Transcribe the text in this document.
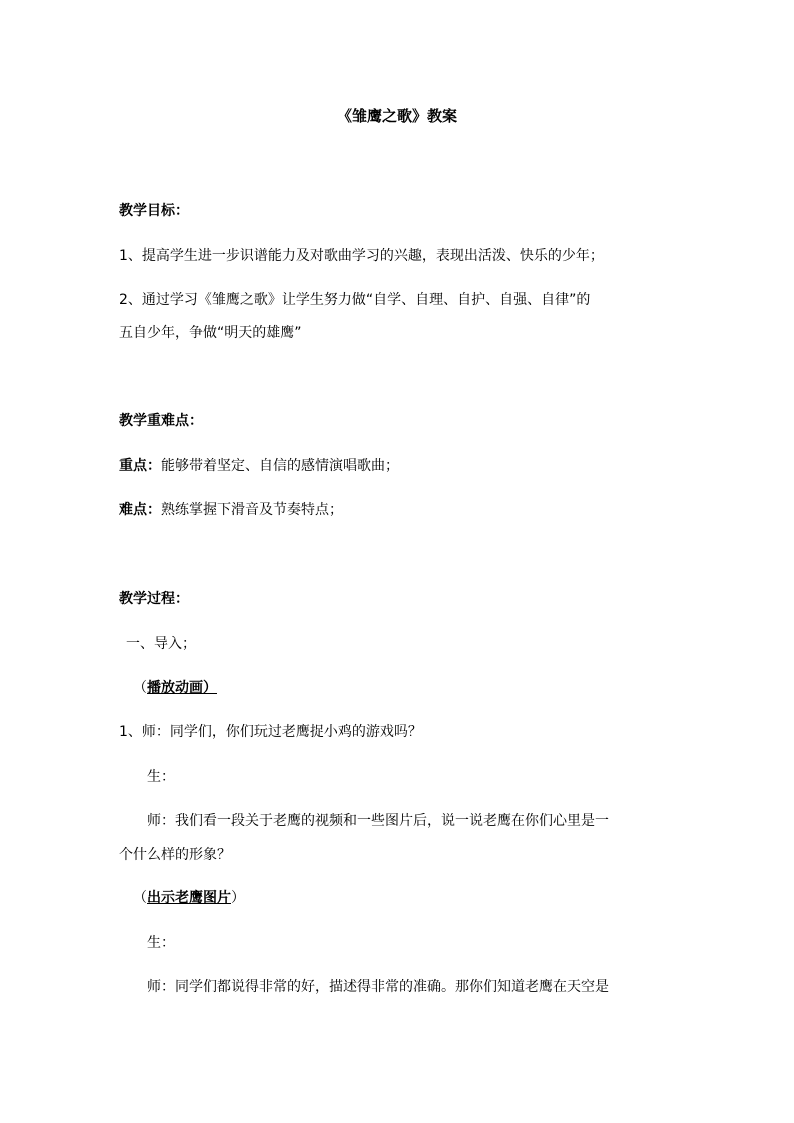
《雏鹰之歌》教案

教学目标：

1、提高学生进一步识谱能力及对歌曲学习的兴趣，表现出活泼、快乐的少年；

2、通过学习《雏鹰之歌》让学生努力做“自学、自理、自护、自强、自律”的

五自少年，争做“明天的雄鹰”

教学重难点：

重点：能够带着坚定、自信的感情演唱歌曲；

难点：熟练掌握下滑音及节奏特点；

教学过程：

一、导入；

（播放动画）

1、师：同学们，你们玩过老鹰捉小鸡的游戏吗？

生：

师：我们看一段关于老鹰的视频和一些图片后，说一说老鹰在你们心里是一

个什么样的形象？

（出示老鹰图片）

生：

师：同学们都说得非常的好，描述得非常的准确。那你们知道老鹰在天空是
